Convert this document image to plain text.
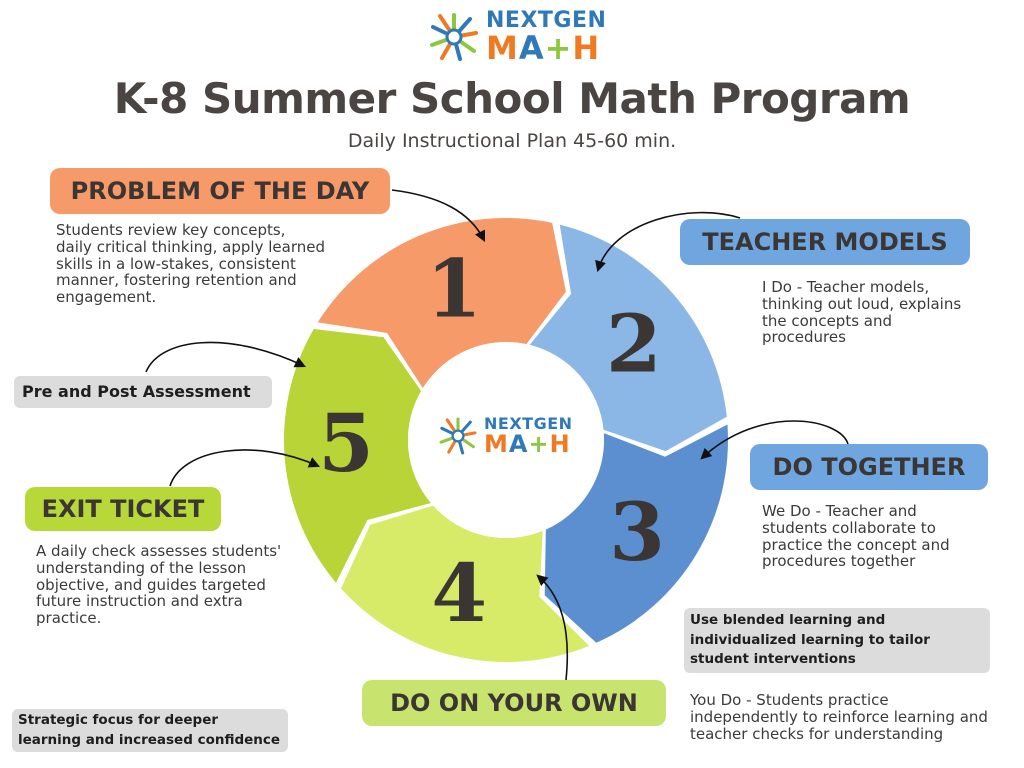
NEXTGEN
MA+H
K-8 Summer School Math Program
Daily Instructional Plan 45-60 min.
1
2
3
4
5	NEXTGEN
MA+H
PROBLEM OF THE DAY
Students review key concepts, daily critical thinking, apply learned skills in a low-stakes, consistent manner, fostering retention and engagement.
TEACHER MODELS
I Do - Teacher models, thinking out loud, explains the concepts and procedures
DO TOGETHER
We Do - Teacher and students collaborate to practice the concept and procedures together
DO ON YOUR OWN	You Do - Students practice independently to reinforce learning and teacher checks for understanding
EXIT TICKET
A daily check assesses students' understanding of the lesson objective, and guides targeted future instruction and extra practice.
Pre and Post Assessment
Use blended learning and individualized learning to tailor student interventions
Strategic focus for deeper learning and increased confidence
